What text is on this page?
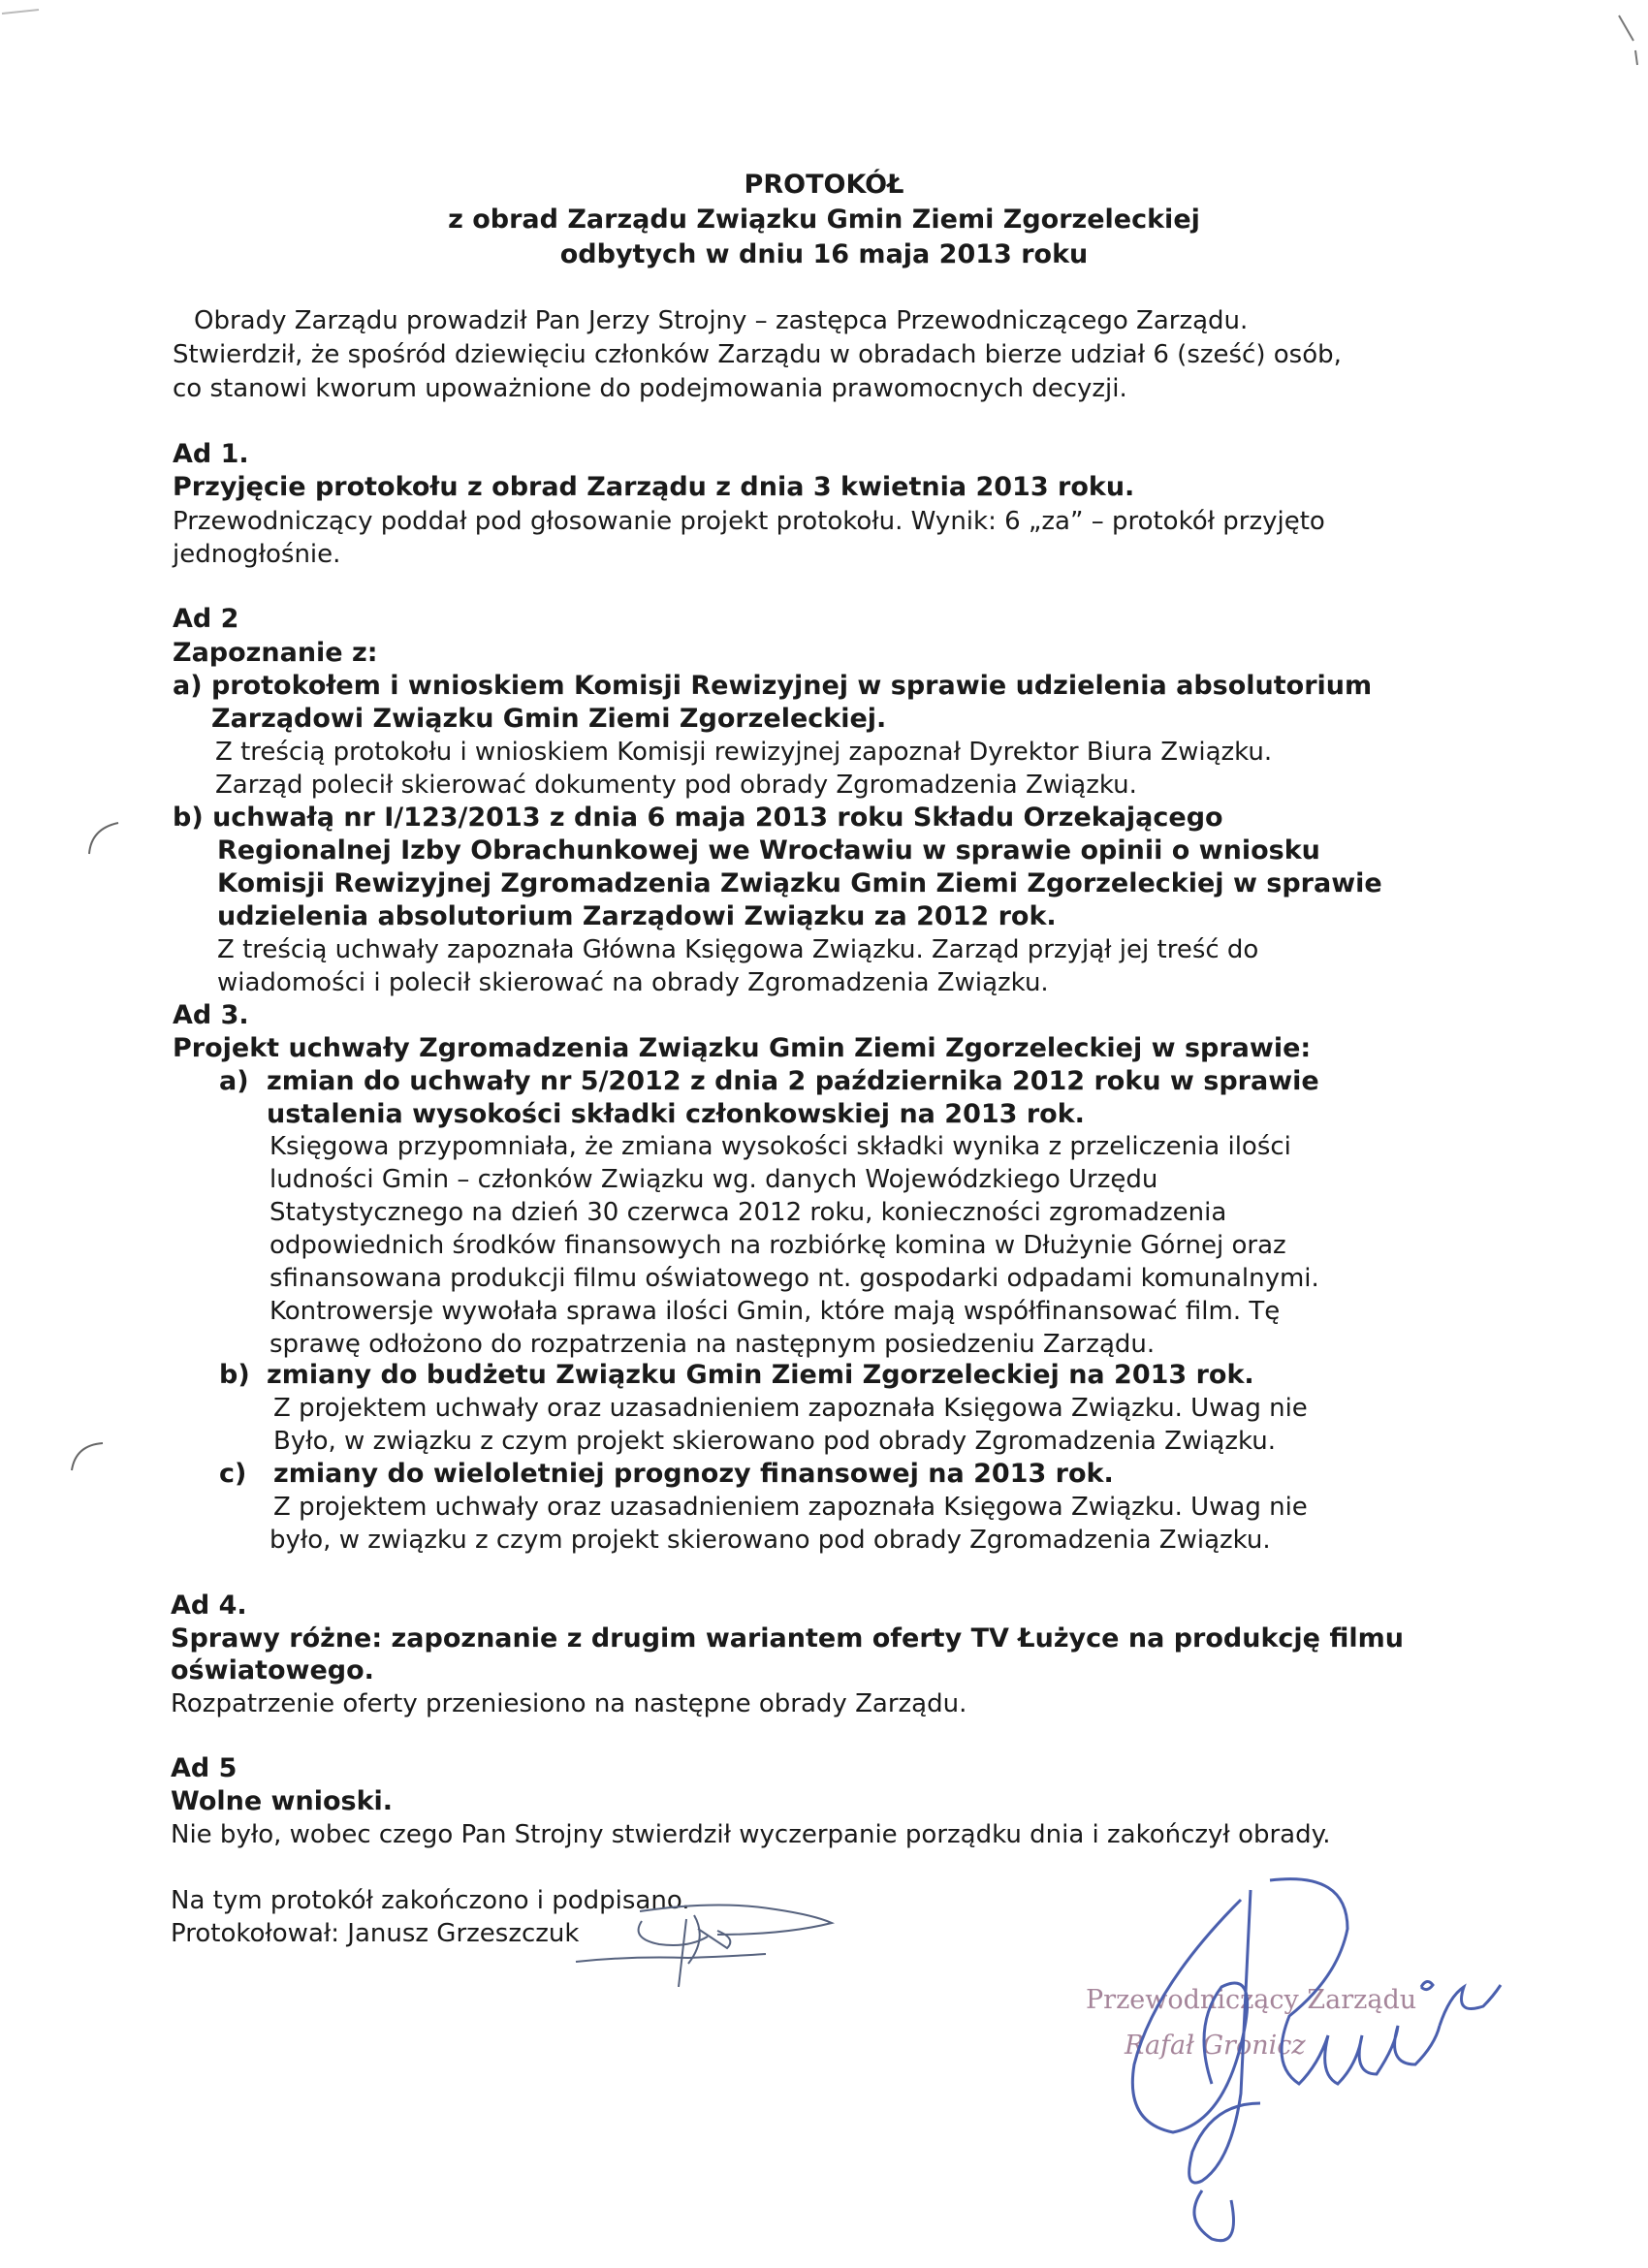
PROTOKÓŁ
z obrad Zarządu Związku Gmin Ziemi Zgorzeleckiej
odbytych w dniu 16 maja 2013 roku
Obrady Zarządu prowadził Pan Jerzy Strojny – zastępca Przewodniczącego Zarządu.
Stwierdził, że spośród dziewięciu członków Zarządu w obradach bierze udział 6 (sześć) osób,
co stanowi kworum upoważnione do podejmowania prawomocnych decyzji.
Ad 1.
Przyjęcie protokołu z obrad Zarządu z dnia 3 kwietnia 2013 roku.
Przewodniczący poddał pod głosowanie projekt protokołu. Wynik: 6 „za” – protokół przyjęto
jednogłośnie.
Ad 2
Zapoznanie z:
a) protokołem i wnioskiem Komisji Rewizyjnej w sprawie udzielenia absolutorium
Zarządowi Związku Gmin Ziemi Zgorzeleckiej.
Z treścią protokołu i wnioskiem Komisji rewizyjnej zapoznał Dyrektor Biura Związku.
Zarząd polecił skierować dokumenty pod obrady Zgromadzenia Związku.
b) uchwałą nr I/123/2013 z dnia 6 maja 2013 roku Składu Orzekającego
Regionalnej Izby Obrachunkowej we Wrocławiu w sprawie opinii o wniosku
Komisji Rewizyjnej Zgromadzenia Związku Gmin Ziemi Zgorzeleckiej w sprawie
udzielenia absolutorium Zarządowi Związku za 2012 rok.
Z treścią uchwały zapoznała Główna Księgowa Związku. Zarząd przyjął jej treść do
wiadomości i polecił skierować na obrady Zgromadzenia Związku.
Ad 3.
Projekt uchwały Zgromadzenia Związku Gmin Ziemi Zgorzeleckiej w sprawie:
a) zmian do uchwały nr 5/2012 z dnia 2 października 2012 roku w sprawie
ustalenia wysokości składki członkowskiej na 2013 rok.
Księgowa przypomniała, że zmiana wysokości składki wynika z przeliczenia ilości
ludności Gmin – członków Związku wg. danych Wojewódzkiego Urzędu
Statystycznego na dzień 30 czerwca 2012 roku, konieczności zgromadzenia
odpowiednich środków finansowych na rozbiórkę komina w Dłużynie Górnej oraz
sfinansowana produkcji filmu oświatowego nt. gospodarki odpadami komunalnymi.
Kontrowersje wywołała sprawa ilości Gmin, które mają współfinansować film. Tę
sprawę odłożono do rozpatrzenia na następnym posiedzeniu Zarządu.
b) zmiany do budżetu Związku Gmin Ziemi Zgorzeleckiej na 2013 rok.
Z projektem uchwały oraz uzasadnieniem zapoznała Księgowa Związku. Uwag nie
Było, w związku z czym projekt skierowano pod obrady Zgromadzenia Związku.
c) zmiany do wieloletniej prognozy finansowej na 2013 rok.
Z projektem uchwały oraz uzasadnieniem zapoznała Księgowa Związku. Uwag nie
było, w związku z czym projekt skierowano pod obrady Zgromadzenia Związku.
Ad 4.
Sprawy różne: zapoznanie z drugim wariantem oferty TV Łużyce na produkcję filmu
oświatowego.
Rozpatrzenie oferty przeniesiono na następne obrady Zarządu.
Ad 5
Wolne wnioski.
Nie było, wobec czego Pan Strojny stwierdził wyczerpanie porządku dnia i zakończył obrady.
Na tym protokół zakończono i podpisano.
Protokołował: Janusz Grzeszczuk
Przewodniczący Zarządu
Rafał Gronicz
